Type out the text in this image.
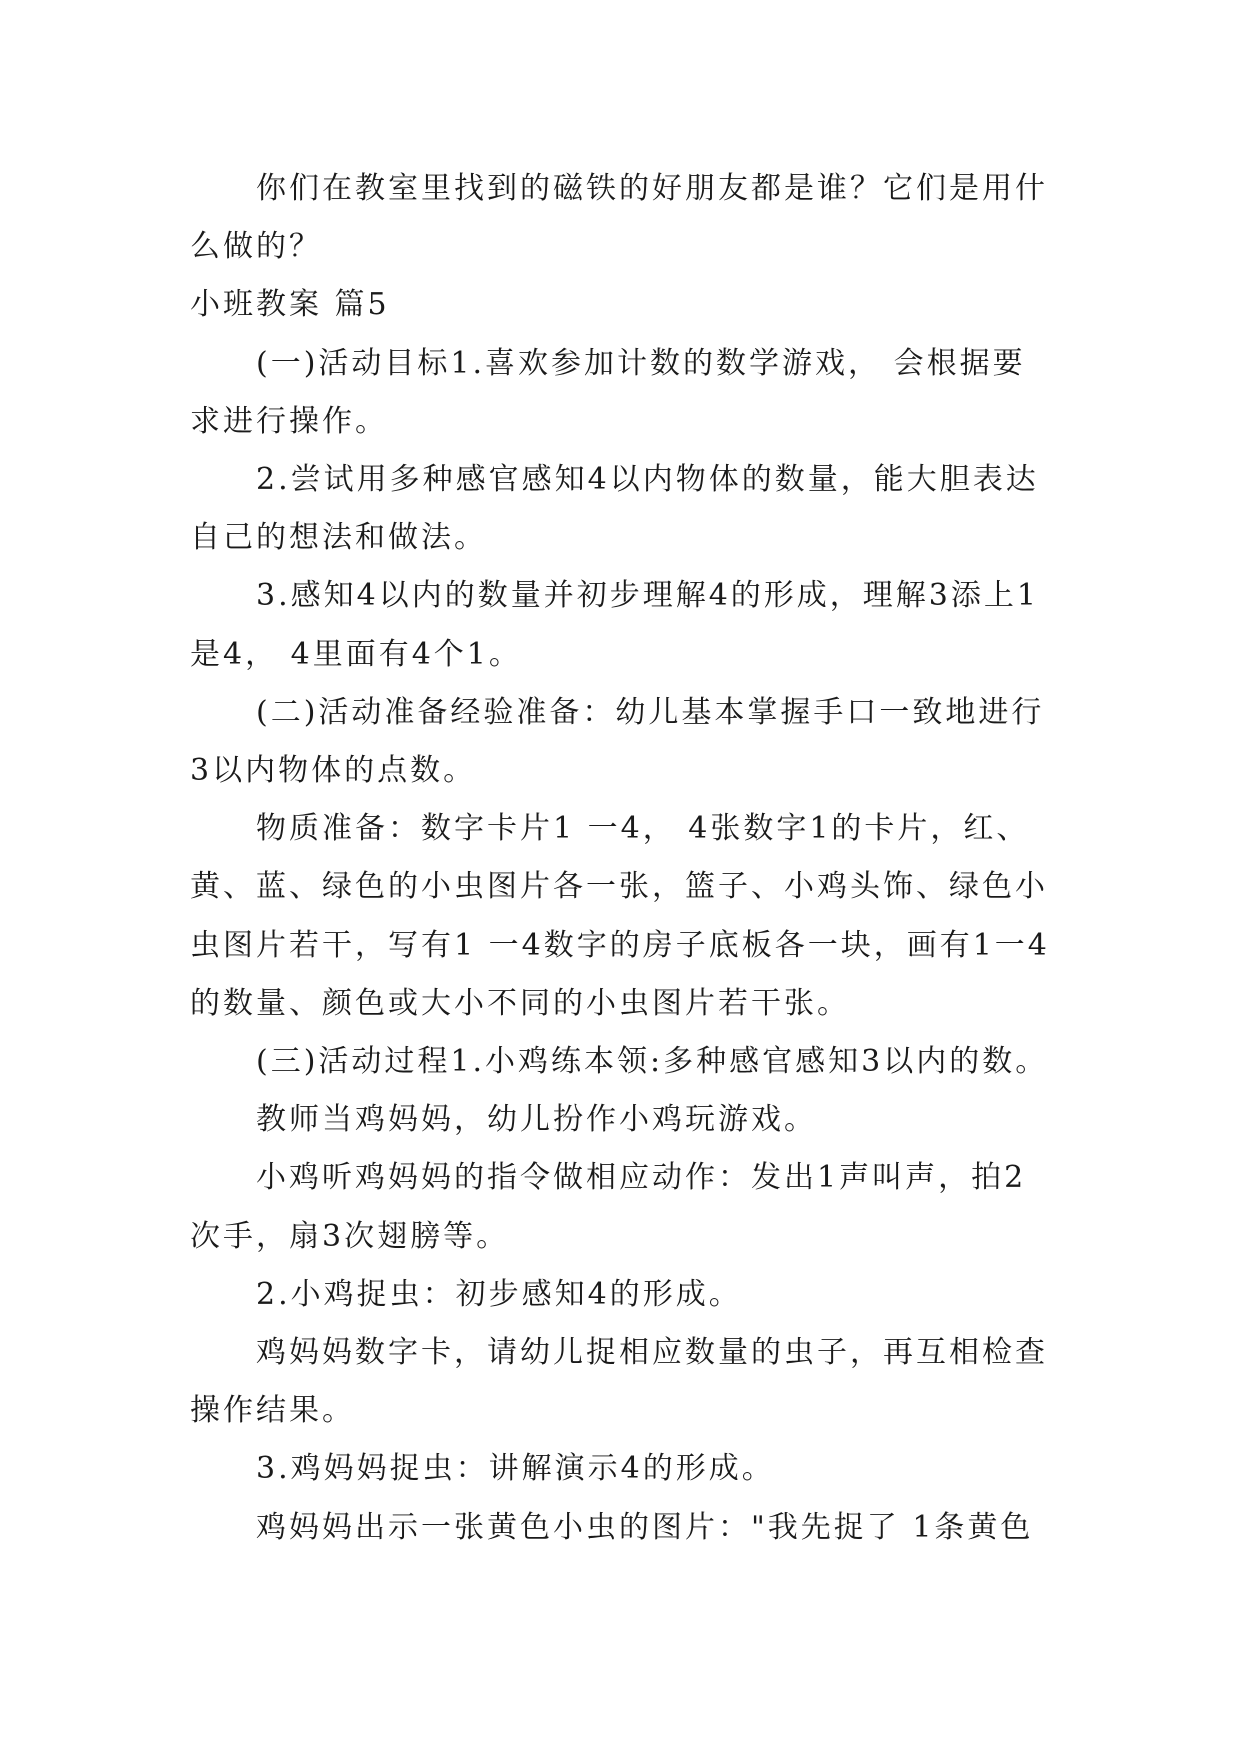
你们在教室里找到的磁铁的好朋友都是谁？它们是用什么做的？

小班教案 篇5

(一)活动目标1.喜欢参加计数的数学游戏， 会根据要求进行操作。

2.尝试用多种感官感知4以内物体的数量，能大胆表达自己的想法和做法。

3.感知4以内的数量并初步理解4的形成，理解3添上1是4， 4里面有4个1。

(二)活动准备经验准备：幼儿基本掌握手口一致地进行3以内物体的点数。

物质准备：数字卡片1 一4， 4张数字1的卡片，红、黄、蓝、绿色的小虫图片各一张，篮子、小鸡头饰、绿色小虫图片若干，写有1 一4数字的房子底板各一块，画有1一4的数量、颜色或大小不同的小虫图片若干张。

(三)活动过程1.小鸡练本领:多种感官感知3以内的数。

教师当鸡妈妈，幼儿扮作小鸡玩游戏。

小鸡听鸡妈妈的指令做相应动作：发出1声叫声，拍2次手，扇3次翅膀等。

2.小鸡捉虫：初步感知4的形成。

鸡妈妈数字卡，请幼儿捉相应数量的虫子，再互相检查操作结果。

3.鸡妈妈捉虫：讲解演示4的形成。

鸡妈妈出示一张黄色小虫的图片："我先捉了 1条黄色
